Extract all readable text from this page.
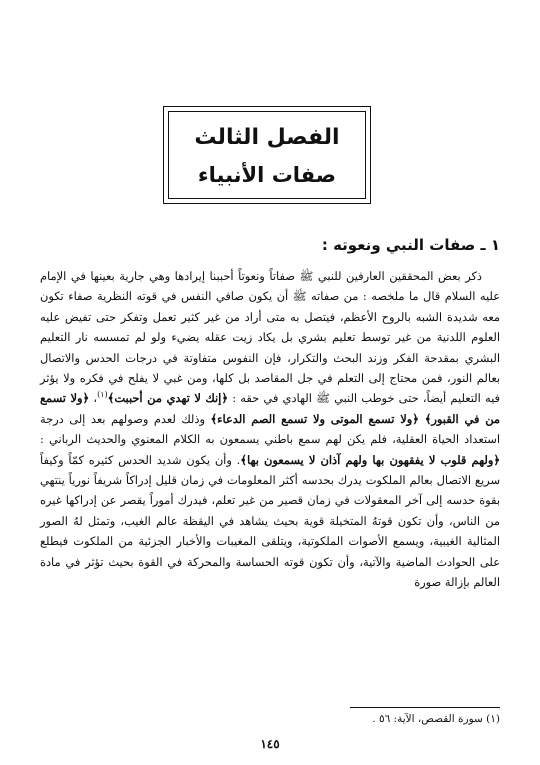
الفصل الثالث
صفات الأنبياء
١ ـ صفات النبي ونعوته :

ذكر بعض المحققين العارفين للنبي ﷺ صفاتاً ونعوتاً أحببنا إيرادها وهي جارية بعينها في الإمام عليه السلام قال ما ملخصه : من صفاته ﷺ أن يكون صافي النفس في قوته النظرية صفاء تكون معه شديدة الشبه بالروح الأعظم، فيتصل به متى أراد من غير كثير تعمل وتفكر حتى تفيض عليه العلوم اللدنية من غير توسط تعليم بشري بل يكاد زيت عقله يضيء ولو لم تمسسه نار التعليم البشري بمقدحة الفكر وزند البحث والتكرار، فإن النفوس متفاوتة في درجات الحدس والاتصال بعالم النور، فمن محتاج إلى التعلم في جل المقاصد بل كلها، ومن غبي لا يفلح في فكره ولا يؤثر فيه التعليم أيضاً، حتى خوطب النبي ﷺ الهادي في حقه : ﴿إنك لا تهدي من أحببت﴾$^{(١)}$، ﴿ولا تسمع من في القبور﴾ ﴿ولا تسمع الموتى ولا تسمع الصم الدعاء﴾ وذلك لعدم وصولهم بعد إلى درجة استعداد الحياة العقلية، فلم يكن لهم سمع باطني يسمعون به الكلام المعنوي والحديث الرباني : ﴿ولهم قلوب لا يفقهون بها ولهم آذان لا يسمعون بها﴾. وأن يكون شديد الحدس كثيره كمّاً وكيفاً سريع الاتصال بعالم الملكوت يدرك بحدسه أكثر المعلومات في زمان قليل إدراكاً شريفاً نورياً ينتهي بقوة حدسه إلى آخر المعقولات في زمان قصير من غير تعلم، فيدرك أموراً يقصر عن إدراكها غيره من الناس، وأن تكون قوتهُ المتخيلة قوية بحيث يشاهد في اليقظة عالم الغيب، وتمثل لهُ الصور المثالية الغيبية، ويسمع الأصوات الملكوتية، ويتلقى المغيبات والأخبار الجزئية من الملكوت فيطلع على الحوادث الماضية والآتية، وأن تكون قوته الحساسة والمحركة في القوة بحيث تؤثر في مادة العالم بإزالة صورة

(١) سورة القصص، الآية: ٥٦ .
١٤٥
